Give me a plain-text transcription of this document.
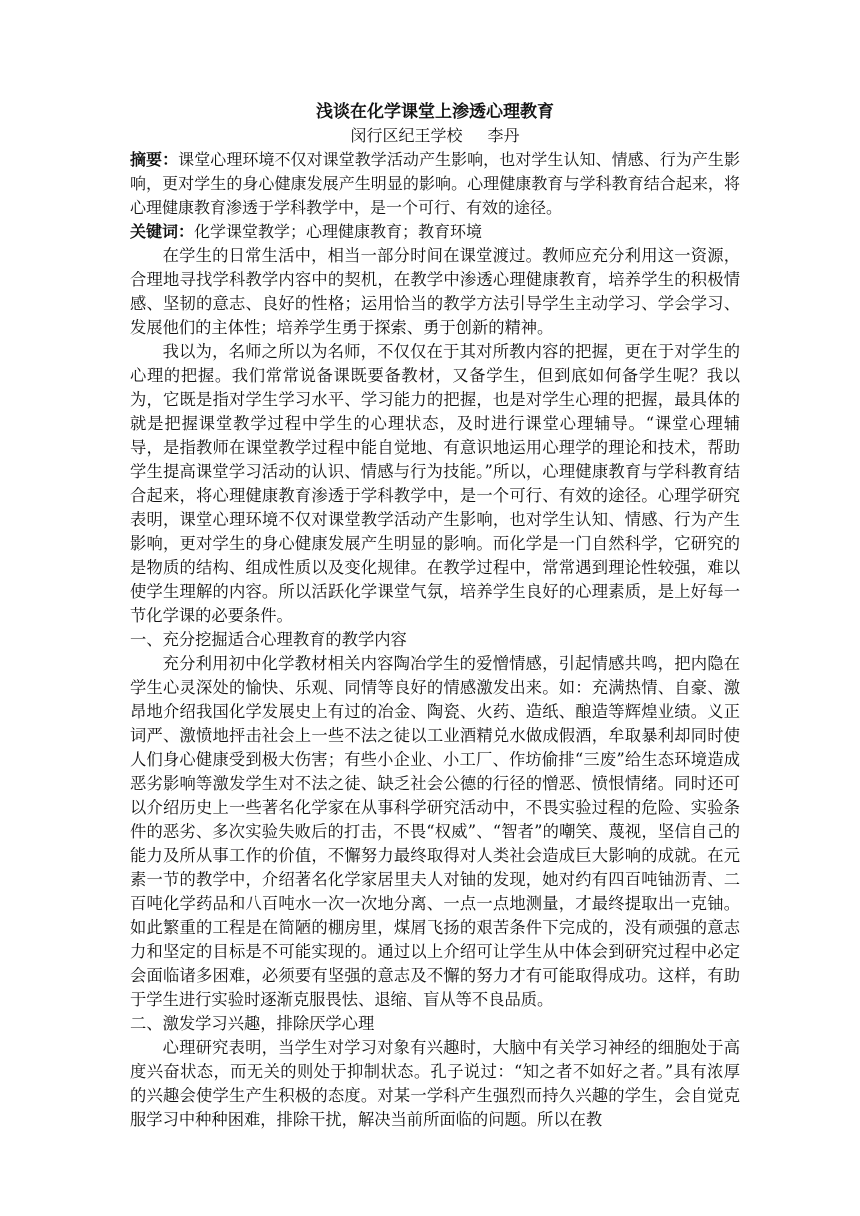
浅谈在化学课堂上渗透心理教育

闵行区纪王学校 李丹

摘要：课堂心理环境不仅对课堂教学活动产生影响，也对学生认知、情感、行为产生影响，更对学生的身心健康发展产生明显的影响。心理健康教育与学科教育结合起来，将心理健康教育渗透于学科教学中，是一个可行、有效的途径。

关键词：化学课堂教学；心理健康教育；教育环境

在学生的日常生活中，相当一部分时间在课堂渡过。教师应充分利用这一资源，合理地寻找学科教学内容中的契机，在教学中渗透心理健康教育，培养学生的积极情感、坚韧的意志、良好的性格；运用恰当的教学方法引导学生主动学习、学会学习、发展他们的主体性；培养学生勇于探索、勇于创新的精神。

我以为，名师之所以为名师，不仅仅在于其对所教内容的把握，更在于对学生的心理的把握。我们常常说备课既要备教材，又备学生，但到底如何备学生呢？我以为，它既是指对学生学习水平、学习能力的把握，也是对学生心理的把握，最具体的就是把握课堂教学过程中学生的心理状态，及时进行课堂心理辅导。“课堂心理辅导，是指教师在课堂教学过程中能自觉地、有意识地运用心理学的理论和技术，帮助学生提高课堂学习活动的认识、情感与行为技能。”所以，心理健康教育与学科教育结合起来，将心理健康教育渗透于学科教学中，是一个可行、有效的途径。心理学研究表明，课堂心理环境不仅对课堂教学活动产生影响，也对学生认知、情感、行为产生影响，更对学生的身心健康发展产生明显的影响。而化学是一门自然科学，它研究的是物质的结构、组成性质以及变化规律。在教学过程中，常常遇到理论性较强，难以使学生理解的内容。所以活跃化学课堂气氛，培养学生良好的心理素质，是上好每一节化学课的必要条件。

一、充分挖掘适合心理教育的教学内容

充分利用初中化学教材相关内容陶冶学生的爱憎情感，引起情感共鸣，把内隐在学生心灵深处的愉快、乐观、同情等良好的情感激发出来。如：充满热情、自豪、激昂地介绍我国化学发展史上有过的冶金、陶瓷、火药、造纸、酿造等辉煌业绩。义正词严、激愤地抨击社会上一些不法之徒以工业酒精兑水做成假酒，牟取暴利却同时使人们身心健康受到极大伤害；有些小企业、小工厂、作坊偷排“三废”给生态环境造成恶劣影响等激发学生对不法之徒、缺乏社会公德的行径的憎恶、愤恨情绪。同时还可以介绍历史上一些著名化学家在从事科学研究活动中，不畏实验过程的危险、实验条件的恶劣、多次实验失败后的打击，不畏“权威”、“智者”的嘲笑、蔑视，坚信自己的能力及所从事工作的价值，不懈努力最终取得对人类社会造成巨大影响的成就。在元素一节的教学中，介绍著名化学家居里夫人对铀的发现，她对约有四百吨铀沥青、二百吨化学药品和八百吨水一次一次地分离、一点一点地测量，才最终提取出一克铀。如此繁重的工程是在简陋的棚房里，煤屑飞扬的艰苦条件下完成的，没有顽强的意志力和坚定的目标是不可能实现的。通过以上介绍可让学生从中体会到研究过程中必定会面临诸多困难，必须要有坚强的意志及不懈的努力才有可能取得成功。这样，有助于学生进行实验时逐渐克服畏怯、退缩、盲从等不良品质。

二、激发学习兴趣，排除厌学心理

心理研究表明，当学生对学习对象有兴趣时，大脑中有关学习神经的细胞处于高度兴奋状态，而无关的则处于抑制状态。孔子说过：“知之者不如好之者。”具有浓厚的兴趣会使学生产生积极的态度。对某一学科产生强烈而持久兴趣的学生，会自觉克服学习中种种困难，排除干扰，解决当前所面临的问题。所以在教
